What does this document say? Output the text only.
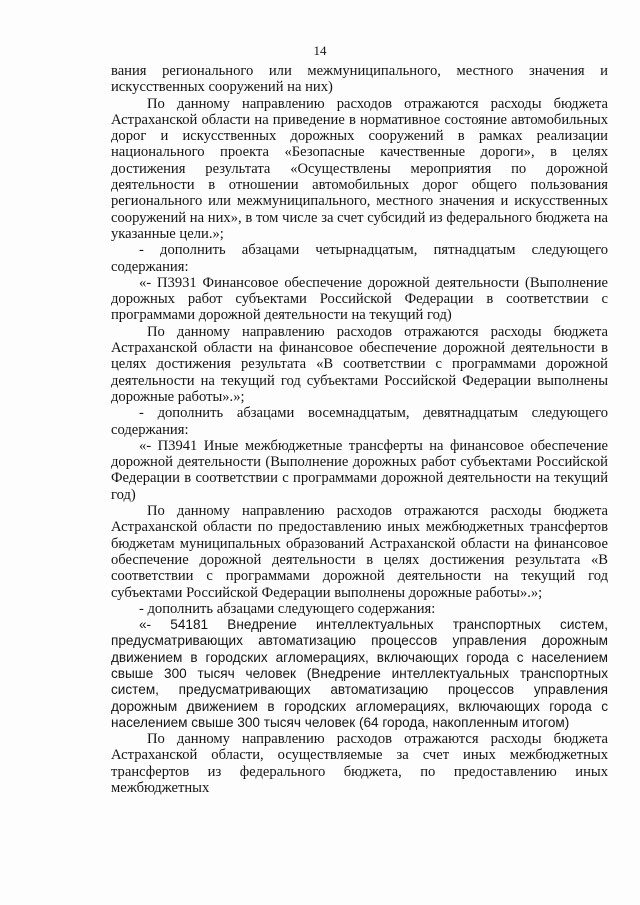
14

вания регионального или межмуниципального, местного значения и искусственных сооружений на них)

По данному направлению расходов отражаются расходы бюджета Астраханской области на приведение в нормативное состояние автомобильных дорог и искусственных дорожных сооружений в рамках реализации национального проекта «Безопасные качественные дороги», в целях достижения результата «Осуществлены мероприятия по дорожной деятельности в отношении автомобильных дорог общего пользования регионального или межмуниципального, местного значения и искусственных сооружений на них», в том числе за счет субсидий из федерального бюджета на указанные цели.»;

- дополнить абзацами четырнадцатым, пятнадцатым следующего содержания:

«- П3931 Финансовое обеспечение дорожной деятельности (Выполнение дорожных работ субъектами Российской Федерации в соответствии с программами дорожной деятельности на текущий год)

По данному направлению расходов отражаются расходы бюджета Астраханской области на финансовое обеспечение дорожной деятельности в целях достижения результата «В соответствии с программами дорожной деятельности на текущий год субъектами Российской Федерации выполнены дорожные работы».»;

- дополнить абзацами восемнадцатым, девятнадцатым следующего содержания:

«- П3941 Иные межбюджетные трансферты на финансовое обеспечение дорожной деятельности (Выполнение дорожных работ субъектами Российской Федерации в соответствии с программами дорожной деятельности на текущий год)

По данному направлению расходов отражаются расходы бюджета Астраханской области по предоставлению иных межбюджетных трансфертов бюджетам муниципальных образований Астраханской области на финансовое обеспечение дорожной деятельности в целях достижения результата «В соответствии с программами дорожной деятельности на текущий год субъектами Российской Федерации выполнены дорожные работы».»;

- дополнить абзацами следующего содержания:

«- 54181 Внедрение интеллектуальных транспортных систем, предусматривающих автоматизацию процессов управления дорожным движением в городских агломерациях, включающих города с населением свыше 300 тысяч человек (Внедрение интеллектуальных транспортных систем, предусматривающих автоматизацию процессов управления дорожным движением в городских агломерациях, включающих города с населением свыше 300 тысяч человек (64 города, накопленным итогом)

По данному направлению расходов отражаются расходы бюджета Астраханской области, осуществляемые за счет иных межбюджетных трансфертов из федерального бюджета, по предоставлению иных межбюджетных
